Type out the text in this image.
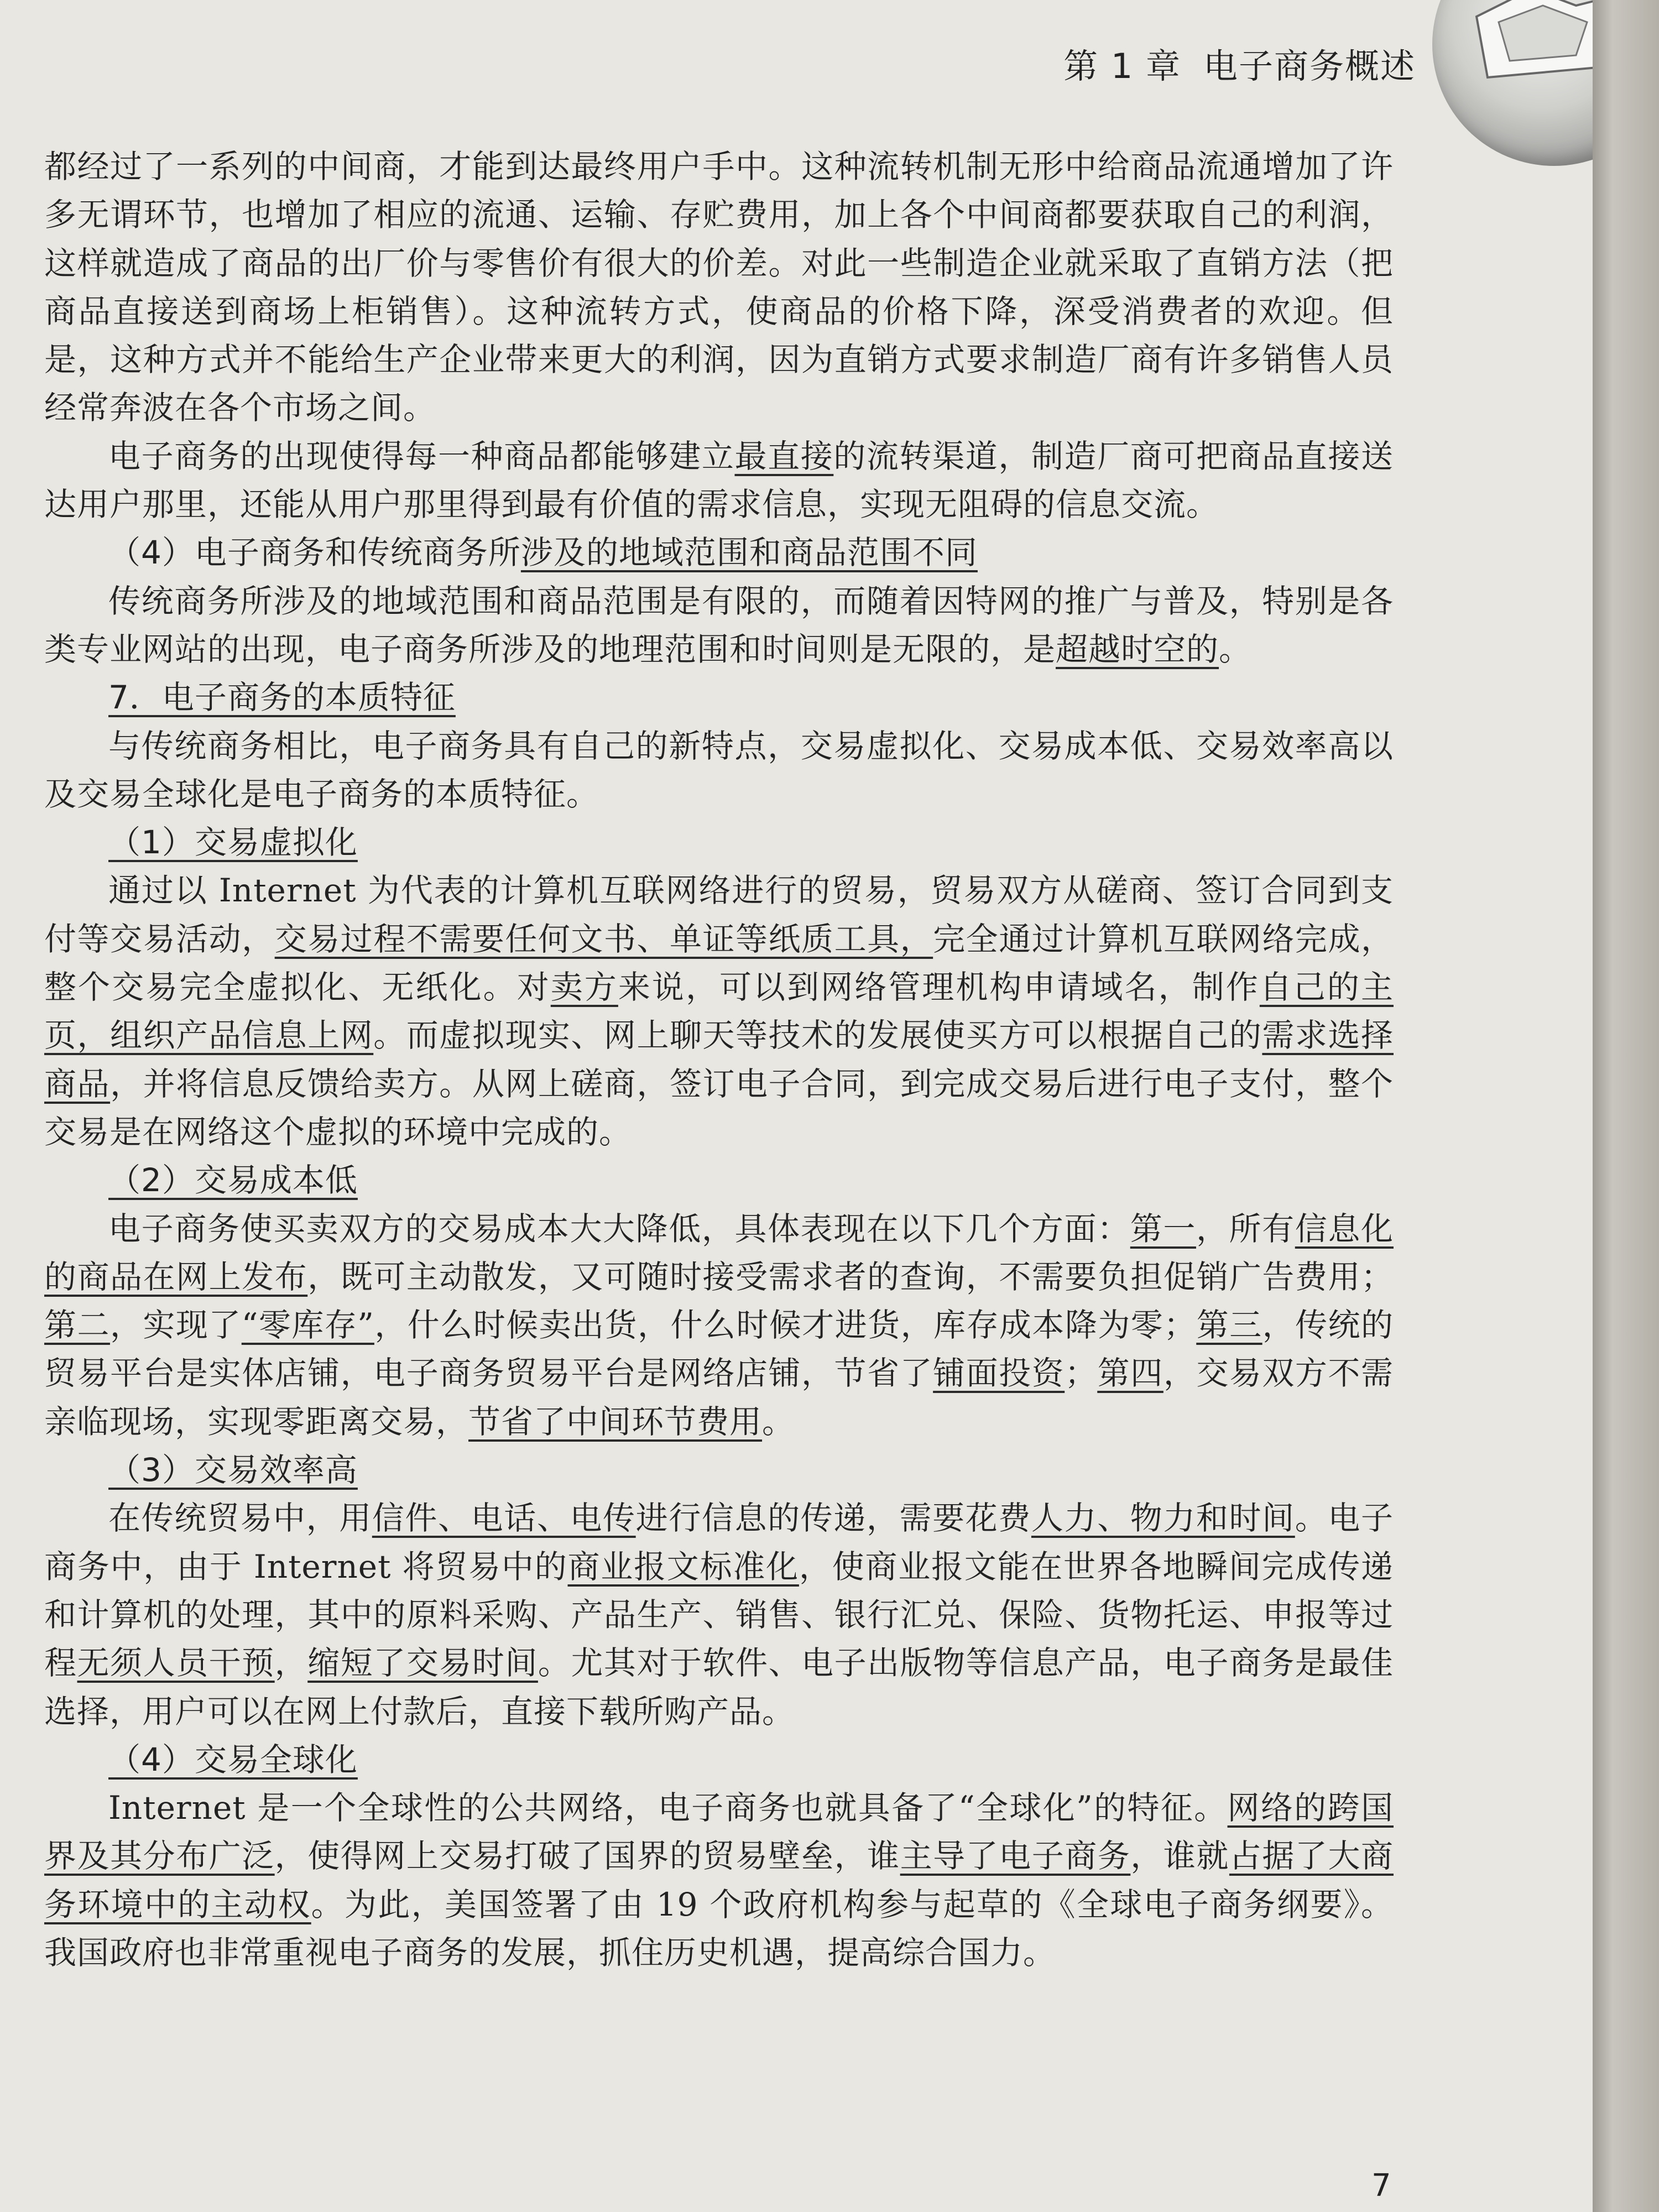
第 1 章 电子商务概述

都经过了一系列的中间商，才能到达最终用户手中。这种流转机制无形中给商品流通增加了许多无谓环节，也增加了相应的流通、运输、存贮费用，加上各个中间商都要获取自己的利润，这样就造成了商品的出厂价与零售价有很大的价差。对此一些制造企业就采取了直销方法（把商品直接送到商场上柜销售）。这种流转方式，使商品的价格下降，深受消费者的欢迎。但是，这种方式并不能给生产企业带来更大的利润，因为直销方式要求制造厂商有许多销售人员经常奔波在各个市场之间。

电子商务的出现使得每一种商品都能够建立最直接的流转渠道，制造厂商可把商品直接送达用户那里，还能从用户那里得到最有价值的需求信息，实现无阻碍的信息交流。

（4）电子商务和传统商务所涉及的地域范围和商品范围不同

传统商务所涉及的地域范围和商品范围是有限的，而随着因特网的推广与普及，特别是各类专业网站的出现，电子商务所涉及的地理范围和时间则是无限的，是超越时空的。

7．电子商务的本质特征

与传统商务相比，电子商务具有自己的新特点，交易虚拟化、交易成本低、交易效率高以及交易全球化是电子商务的本质特征。

（1）交易虚拟化

通过以 Internet 为代表的计算机互联网络进行的贸易，贸易双方从磋商、签订合同到支付等交易活动，交易过程不需要任何文书、单证等纸质工具，完全通过计算机互联网络完成，整个交易完全虚拟化、无纸化。对卖方来说，可以到网络管理机构申请域名，制作自己的主页，组织产品信息上网。而虚拟现实、网上聊天等技术的发展使买方可以根据自己的需求选择商品，并将信息反馈给卖方。从网上磋商，签订电子合同，到完成交易后进行电子支付，整个交易是在网络这个虚拟的环境中完成的。

（2）交易成本低

电子商务使买卖双方的交易成本大大降低，具体表现在以下几个方面：第一，所有信息化的商品在网上发布，既可主动散发，又可随时接受需求者的查询，不需要负担促销广告费用；第二，实现了“零库存”，什么时候卖出货，什么时候才进货，库存成本降为零；第三，传统的贸易平台是实体店铺，电子商务贸易平台是网络店铺，节省了铺面投资；第四，交易双方不需亲临现场，实现零距离交易，节省了中间环节费用。

（3）交易效率高

在传统贸易中，用信件、电话、电传进行信息的传递，需要花费人力、物力和时间。电子商务中，由于 Internet 将贸易中的商业报文标准化，使商业报文能在世界各地瞬间完成传递和计算机的处理，其中的原料采购、产品生产、销售、银行汇兑、保险、货物托运、申报等过程无须人员干预，缩短了交易时间。尤其对于软件、电子出版物等信息产品，电子商务是最佳选择，用户可以在网上付款后，直接下载所购产品。

（4）交易全球化

Internet 是一个全球性的公共网络，电子商务也就具备了“全球化”的特征。网络的跨国界及其分布广泛，使得网上交易打破了国界的贸易壁垒，谁主导了电子商务，谁就占据了大商务环境中的主动权。为此，美国签署了由 19 个政府机构参与起草的《全球电子商务纲要》。我国政府也非常重视电子商务的发展，抓住历史机遇，提高综合国力。

7
